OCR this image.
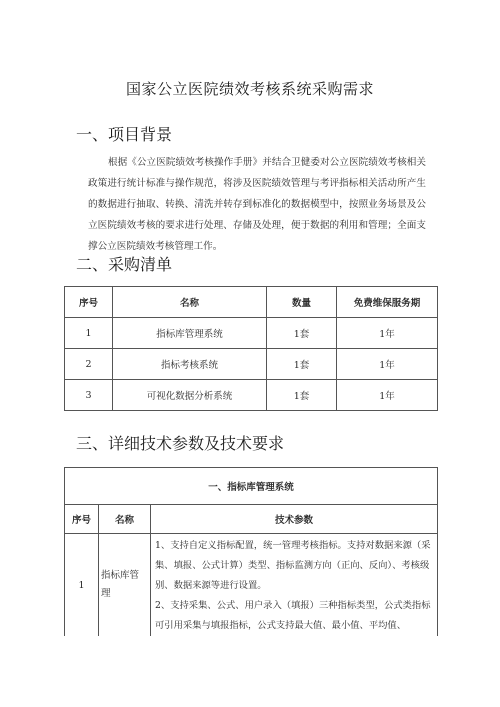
国家公立医院绩效考核系统采购需求
一、项目背景
根据《公立医院绩效考核操作手册》并结合卫健委对公立医院绩效考核相关政策进行统计标准与操作规范，将涉及医院绩效管理与考评指标相关活动所产生的数据进行抽取、转换、清洗并转存到标准化的数据模型中，按照业务场景及公立医院绩效考核的要求进行处理、存储及处理，便于数据的利用和管理；全面支撑公立医院绩效考核管理工作。
二、采购清单
序号	名称	数量	免费维保服务期
1	指标库管理系统	1套	1年
2	指标考核系统	1套	1年
3	可视化数据分析系统	1套	1年
三、详细技术参数及技术要求
一、指标库管理系统		
序号	名称	技术参数
1	指标库管理	1、支持自定义指标配置，统一管理考核指标。支持对数据来源（采集、填报、公式计算）类型、指标监测方向（正向、反向）、考核级别、数据来源等进行设置。
2、支持采集、公式、用户录入（填报）三种指标类型，公式类指标可引用采集与填报指标，公式支持最大值、最小值、平均值、
